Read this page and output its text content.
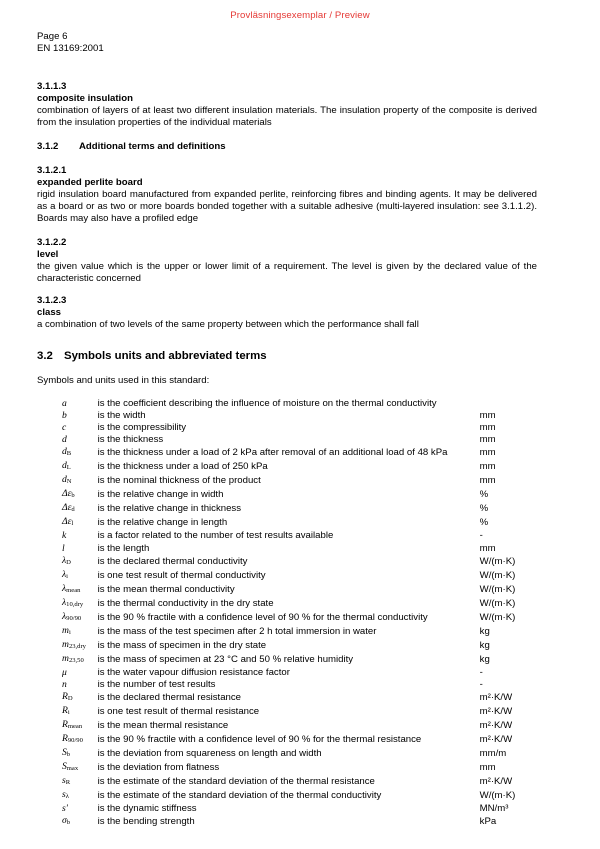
Provläsningsexemplar / Preview
Page 6
EN 13169:2001
3.1.1.3
composite insulation
combination of layers of at least two different insulation materials. The insulation property of the composite is derived from the insulation properties of the individual materials
3.1.2 Additional terms and definitions
3.1.2.1
expanded perlite board
rigid insulation board manufactured from expanded perlite, reinforcing fibres and binding agents. It may be delivered as a board or as two or more boards bonded together with a suitable adhesive (multi-layered insulation: see 3.1.1.2). Boards may also have a profiled edge
3.1.2.2
level
the given value which is the upper or lower limit of a requirement. The level is given by the declared value of the characteristic concerned
3.1.2.3
class
a combination of two levels of the same property between which the performance shall fall
3.2 Symbols units and abbreviated terms
Symbols and units used in this standard:
a	is the coefficient describing the influence of moisture on the thermal conductivity	
b	is the width	mm
c	is the compressibility	mm
d	is the thickness	mm
dB	is the thickness under a load of 2 kPa after removal of an additional load of 48 kPa	mm
dL	is the thickness under a load of 250 kPa	mm
dN	is the nominal thickness of the product	mm
Δεb	is the relative change in width	%
Δεd	is the relative change in thickness	%
Δεl	is the relative change in length	%
k	is a factor related to the number of test results available	-
l	is the length	mm
λD	is the declared thermal conductivity	W/(m·K)
λi	is one test result of thermal conductivity	W/(m·K)
λmean	is the mean thermal conductivity	W/(m·K)
λ10,dry	is the thermal conductivity in the dry state	W/(m·K)
λ90/90	is the 90 % fractile with a confidence level of 90 % for the thermal conductivity	W/(m·K)
mi	is the mass of the test specimen after 2 h total immersion in water	kg
m23,dry	is the mass of specimen in the dry state	kg
m23,50	is the mass of specimen at 23 °C and 50 % relative humidity	kg
μ	is the water vapour diffusion resistance factor	-
n	is the number of test results	-
RD	is the declared thermal resistance	m²·K/W
Ri	is one test result of thermal resistance	m²·K/W
Rmean	is the mean thermal resistance	m²·K/W
R90/90	is the 90 % fractile with a confidence level of 90 % for the thermal resistance	m²·K/W
Sb	is the deviation from squareness on length and width	mm/m
Smax	is the deviation from flatness	mm
sR	is the estimate of the standard deviation of the thermal resistance	m²·K/W
sλ	is the estimate of the standard deviation of the thermal conductivity	W/(m·K)
s'	is the dynamic stiffness	MN/m³
σb	is the bending strength	kPa
